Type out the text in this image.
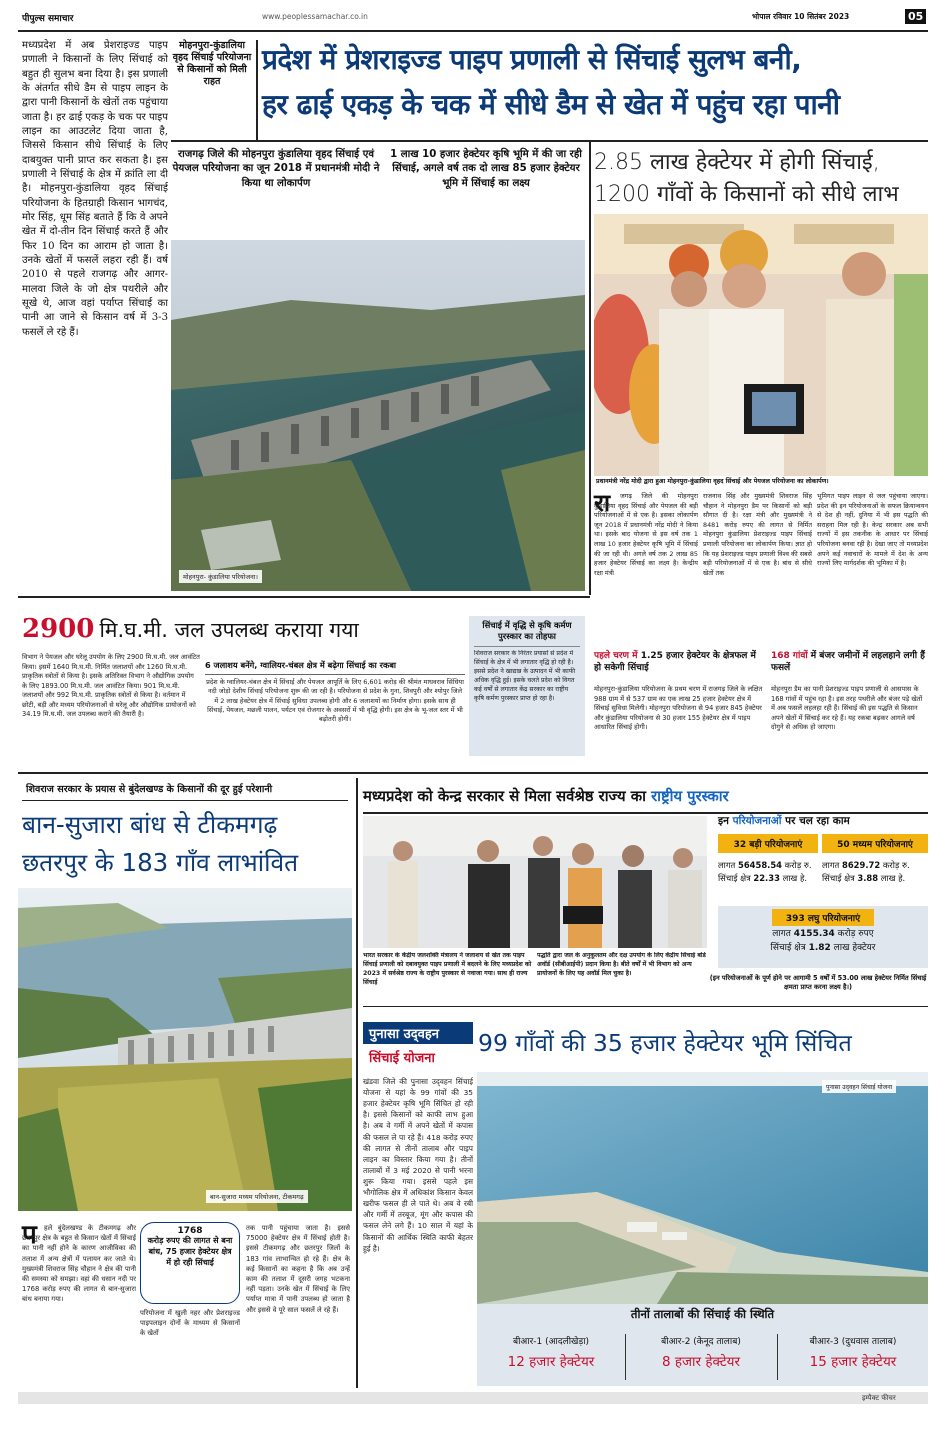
पीपुल्स समाचार	www.peoplessamachar.co.in	भोपाल रविवार 10 सितंबर 2023	05
मध्यप्रदेश में अब प्रेशराइज्ड पाइप प्रणाली ने किसानों के लिए सिंचाई को बहुत ही सुलभ बना दिया है। इस प्रणाली के अंतर्गत सीधे डैम से पाइप लाइन के द्वारा पानी किसानों के खेतों तक पहुंचाया जाता है। हर ढाई एकड़ के चक पर पाइप लाइन का आउटलेट दिया जाता है, जिससे किसान सीधे सिंचाई के लिए दाबयुक्त पानी प्राप्त कर सकता है। इस प्रणाली ने सिंचाई के क्षेत्र में क्रांति ला दी है। मोहनपुरा-कुंडालिया वृहद सिंचाई परियोजना के हितग्राही किसान भागचंद, मोर सिंह, धूम सिंह बताते हैं कि वे अपने खेत में दो-तीन दिन सिंचाई करते हैं और फिर 10 दिन का आराम हो जाता है। उनके खेतों में फसलें लहरा रही हैं। वर्ष 2010 से पहले राजगढ़ और आगर-मालवा जिले के जो क्षेत्र पथरीले और सूखे थे, आज वहां पर्याप्त सिंचाई का पानी आ जाने से किसान वर्ष में 3-3 फसलें ले रहे हैं।
मोहनपुरा-कुंडालिया वृहद सिंचाई परियोजना से किसानों को मिली राहत
प्रदेश में प्रेशराइज्ड पाइप प्रणाली से सिंचाई सुलभ बनी,
हर ढाई एकड़ के चक में सीधे डैम से खेत में पहुंच रहा पानी
राजगढ़ जिले की मोहनपुरा कुंडालिया वृहद सिंचाई एवं पेयजल परियोजना का जून 2018 में प्रधानमंत्री मोदी ने किया था लोकार्पण
1 लाख 10 हजार हेक्टेयर कृषि भूमि में की जा रही सिंचाई, अगले वर्ष तक दो लाख 85 हजार हेक्टेयर भूमि में सिंचाई का लक्ष्य
मोहनपुरा- कुंडालिया परियोजना।
2.85 लाख हेक्टेयर में होगी सिंचाई,
1200 गाँवों के किसानों को सीधे लाभ
प्रधानमंत्री नरेंद्र मोदी द्वारा हुआ मोहनपुरा-कुंडालिया वृहद सिंचाई और पेयजल परियोजना का लोकार्पण।
रा	जगढ़ जिले की मोहनपुरा कुंडालिया वृहद सिंचाई और पेयजल की बड़ी परियोजनाओं में से एक है। इसका लोकार्पण जून 2018 में प्रधानमंत्री नरेंद्र मोदी ने किया था। इसके बाद योजना से इस वर्ष तक 1 लाख 10 हजार हेक्टेयर कृषि भूमि में सिंचाई की जा रही थी। अगले वर्ष तक 2 लाख 85 हजार हेक्टेयर सिंचाई का लक्ष्य है। केन्द्रीय रक्षा मंत्री
राजनाथ सिंह और मुख्यमंत्री शिवराज सिंह चौहान ने मोहनपुरा डैम पर किसानों को बड़ी सौगात दी है। रक्षा मंत्री और मुख्यमंत्री ने 8481 करोड़ रुपए की लागत से निर्मित मोहनपुरा कुंडालिया प्रेशराइज्ड पाइप सिंचाई प्रणाली परियोजना का लोकार्पण किया। ज्ञात हो कि यह प्रेशराइज्ड पाइप प्रणाली विश्व की सबसे बड़ी परियोजनाओं में से एक है। बांध से सीधे खेतों तक
भूमिगत पाइप लाइन से जल पहुंचाया जाएगा। प्रदेश की इन परियोजनाओं के सफल क्रियान्वयन से देश ही नहीं, दुनिया में भी इस पद्धति की सराहना मिल रही है। केन्द्र सरकार अब सभी राज्यों में इस तकनीक के आधार पर सिंचाई परियोजना बनवा रही है। देखा जाए तो मध्यप्रदेश अपने कई नवाचारों के मामले में देश के अन्य राज्यों लिए मार्गदर्शक की भूमिका में है।
2900 मि.घ.मी. जल उपलब्ध कराया गया
विभाग ने पेयजल और घरेलू उपयोग के लिए 2900 मि.घ.मी. जल आवंटित किया। इसमें 1640 मि.घ.मी. निर्मित जलाशयों और 1260 मि.घ.मी. प्राकृतिक स्त्रोतों से किया है। इसके अतिरिक्त विभाग ने औद्योगिक उपयोग के लिए 1893.00 मि.घ.मी. जल आवंटित किया। 901 मि.घ.मी. जलाशयों और 992 मि.घ.मी. प्राकृतिक स्त्रोतों से किया है। वर्तमान में छोटी, बड़ी और मध्यम परियोजनाओं से घरेलू और औद्योगिक प्रायोजनों को 34.19 मि.घ.मी. जल उपलब्ध कराने की तैयारी है।
6 जलाशय बनेंगे, ग्वालियर-चंबल क्षेत्र में बढ़ेगा सिंचाई का रकबा
प्रदेश के ग्वालियर-चंबल क्षेत्र में सिंचाई और पेयजल आपूर्ति के लिए 6,601 करोड़ की श्रीमंत माधवराव सिंधिया नदी जोड़ो देशीय सिंचाई परियोजना शुरू की जा रही है। परियोजना से प्रदेश के गुना, शिवपुरी और श्योपुर जिले में 2 लाख हेक्टेयर क्षेत्र में सिंचाई सुविधा उपलब्ध होगी और 6 जलाशयों का निर्माण होगा। इसके साथ ही सिंचाई, पेयजल, मछली पालन, पर्यटन एवं रोजगार के अवसरों में भी वृद्धि होगी। इस क्षेत्र के भू-जल स्तर में भी बढ़ोतरी होगी।
सिंचाई में वृद्धि से कृषि कर्मण पुरस्कार का तोहफा
शिवराज सरकार के निरंतर प्रयासों से प्रदेश में सिंचाई के क्षेत्र में भी लगातार वृद्धि हो रही है। इससे प्रदेश ने खाद्यान्न के उत्पादन में भी काफी अधिक वृद्धि हुई। इसके चलते प्रदेश को विगत कई वर्षों से लगातार केंद्र सरकार का राष्ट्रीय कृषि कर्मण पुरस्कार प्राप्त हो रहा है।
पहले चरण में 1.25 हजार हेक्टेयर के क्षेत्रफल में हो सकेगी सिंचाई
मोहनपुरा-कुंडालिया परियोजना के प्रथम चरण में राजगढ़ जिले के लक्षित 988 ग्राम में से 537 ग्राम का एक लाख 25 हजार हेक्टेयर क्षेत्र में सिंचाई सुविधा मिलेगी। मोहनपुरा परियोजना से 94 हजार 845 हेक्टेयर और कुंडालिया परियोजना से 30 हजार 155 हेक्टेयर क्षेत्र में पाइप आधारित सिंचाई होगी।
168 गांवों में बंजर जमीनों में लहलहाने लगी हैं फसलें
मोहनपुरा डैम का पानी प्रेशराइज्ड पाइप प्रणाली से आसपास के 168 गांवों में पहुंच रहा है। इस तरह पथरीले और बंजर पड़े खेतों में अब फसलें लहलहा रही हैं। सिंचाई की इस पद्धति से किसान अपने खेतों में सिंचाई कर रहे हैं। यह रकबा बढ़कर आगले वर्ष दोगुने से अधिक हो जाएगा।
शिवराज सरकार के प्रयास से बुंदेलखण्ड के किसानों की दूर हुई परेशानी
बान-सुजारा बांध से टीकमगढ़
छतरपुर के 183 गाँव लाभांवित
बान-सुजारा मध्यम परियोजना, टीकमगढ़
प	हले बुंदेलखण्ड के टीकमगढ़ और छतरपुर क्षेत्र के बहुत से किसान खेतों में सिंचाई का पानी नहीं होने के कारण आजीविका की तलाश में अन्य क्षेत्रों में पलायन कर जाते थे। मुख्यमंत्री शिवराज सिंह चौहान ने क्षेत्र की पानी की समस्या को समझा। वहां की धसान नदी पर 1768 करोड़ रुपए की लागत से बान-सुजारा बांध बनाया गया।
1768
करोड़ रुपए की लागत से बना बांध, 75 हजार हेक्टेयर क्षेत्र में हो रही सिंचाई
परियोजना में खुली नहर और प्रेशराइज्ड पाइपलाइन दोनों के माध्यम से किसानों के खेतों
तक पानी पहुंचाया जाता है। इससे 75000 हेक्टेयर क्षेत्र में सिंचाई होती है। इससे टीकमगढ़ और छतरपुर जिलों के 183 गांव लाभान्वित हो रहे हैं। क्षेत्र के कई किसानों का कहना है कि अब उन्हें काम की तलाश में दूसरी जगह भटकना नहीं पड़ता। उनके खेत में सिंचाई के लिए पर्याप्त मात्रा में पानी उपलब्ध हो जाता है और इससे वे पूरे साल फसलें ले रहे हैं।
मध्यप्रदेश को केन्द्र सरकार से मिला सर्वश्रेष्ठ राज्य का राष्ट्रीय पुरस्कार
भारत सरकार के केंद्रीय जलशक्ति मंत्रालय ने जलाशय से खेत तक पाइप सिंचाई प्रणाली को दबावयुक्त पाइप प्रणाली में बदलने के लिए मध्यप्रदेश को 2023 में सर्वश्रेष्ठ राज्य के राष्ट्रीय पुरस्कार से नवाजा गया। साथ ही राज्य सिंचाई
पद्धति द्वारा जल के अनुकूलतम और दक्ष उपयोग के लिए केंद्रीय सिंचाई बोर्ड अवॉर्ड (सीबीआईपी) प्रदान किया है। बीते वर्षों में भी विभाग को अन्य प्रायोजनों के लिए यह अवॉर्ड मिल चुका है।
इन परियोजनाओं पर चल रहा काम
32 बड़ी परियोजनाएं
लागत 56458.54 करोड़ रु.
सिंचाई क्षेत्र 22.33 लाख हे.
50 मध्यम परियोजनाएं
लागत 8629.72 करोड़ रु.
सिंचाई क्षेत्र 3.88 लाख हे.
393 लघु परियोजनाएं
लागत 4155.34 करोड़ रुपए
सिंचाई क्षेत्र 1.82 लाख हेक्टेयर
(इन परियोजनाओं के पूर्ण होने पर आगामी 5 वर्षों में 53.00 लाख हेक्टेयर निर्मित सिंचाई क्षमता प्राप्त करना लक्ष्य है।)
पुनासा उद्‌वहन
सिंचाई योजना
99 गाँवों की 35 हजार हेक्टेयर भूमि सिंचित
खंडवा जिले की पुनासा उद्‌वहन सिंचाई योजना से यहां के 99 गांवों की 35 हजार हेक्टेयर कृषि भूमि सिंचित हो रही है। इससे किसानों को काफी लाभ हुआ है। अब वे गर्मी में अपने खेतों में कपास की फसल ले पा रहे हैं। 418 करोड़ रुपए की लागत से तीनों तालाब और पाइप लाइन का विस्तार किया गया है। तीनों तालाबों में 3 मई 2020 से पानी भरना शुरू किया गया। इससे पहले इस भौगोलिक क्षेत्र में अधिकांश किसान केवल खरीफ फसल ही ले पाते थे। अब वे रबी और गर्मी में तरबूज, मूंग और कपास की फसल लेने लगे हैं। 10 साल में यहां के किसानों की आर्थिक स्थिति काफी बेहतर हुई है।
पुनासा उद्‌वहन सिंचाई योजना
तीनों तालाबों की सिंचाई की स्थिति
बीआर-1 (आदलीखेड़ा)
12 हजार हेक्टेयर
बीआर-2 (केनूद तालाब)
8 हजार हेक्टेयर
बीआर-3 (दुधवास तालाब)
15 हजार हेक्टेयर
इम्पैक्ट फीचर
